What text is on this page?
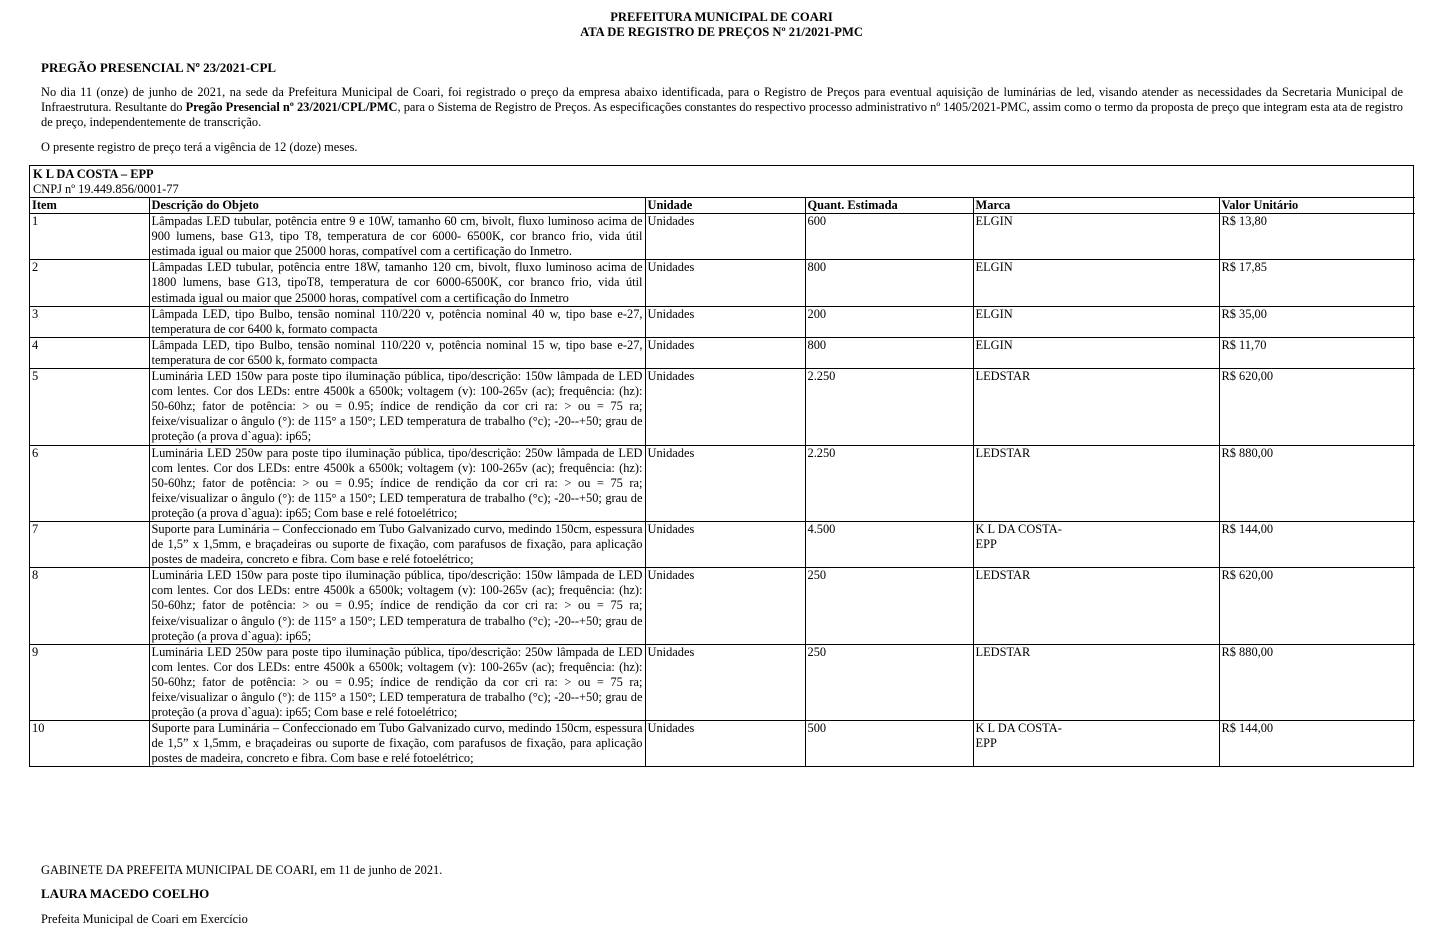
PREFEITURA MUNICIPAL DE COARI
ATA DE REGISTRO DE PREÇOS Nº 21/2021-PMC
PREGÃO PRESENCIAL Nº 23/2021-CPL

No dia 11 (onze) de junho de 2021, na sede da Prefeitura Municipal de Coari, foi registrado o preço da empresa abaixo identificada, para o Registro de Preços para eventual aquisição de luminárias de led, visando atender as necessidades da Secretaria Municipal de Infraestrutura. Resultante do Pregão Presencial nº 23/2021/CPL/PMC, para o Sistema de Registro de Preços. As especificações constantes do respectivo processo administrativo nº 1405/2021-PMC, assim como o termo da proposta de preço que integram esta ata de registro de preço, independentemente de transcrição.

O presente registro de preço terá a vigência de 12 (doze) meses.

K L DA COSTA – EPP
CNPJ nº 19.449.856/0001-77
Item	Descrição do Objeto	Unidade	Quant. Estimada	Marca	Valor Unitário
1	Lâmpadas LED tubular, potência entre 9 e 10W, tamanho 60 cm, bivolt, fluxo luminoso acima de 900 lumens, base G13, tipo T8, temperatura de cor 6000- 6500K, cor branco frio, vida útil estimada igual ou maior que 25000 horas, compatível com a certificação do Inmetro.	Unidades	600	ELGIN	R$ 13,80
2	Lâmpadas LED tubular, potência entre 18W, tamanho 120 cm, bivolt, fluxo luminoso acima de 1800 lumens, base G13, tipoT8, temperatura de cor 6000-6500K, cor branco frio, vida útil estimada igual ou maior que 25000 horas, compatível com a certificação do Inmetro	Unidades	800	ELGIN	R$ 17,85
3	Lâmpada LED, tipo Bulbo, tensão nominal 110/220 v, potência nominal 40 w, tipo base e-27, temperatura de cor 6400 k, formato compacta	Unidades	200	ELGIN	R$ 35,00
4	Lâmpada LED, tipo Bulbo, tensão nominal 110/220 v, potência nominal 15 w, tipo base e-27, temperatura de cor 6500 k, formato compacta	Unidades	800	ELGIN	R$ 11,70
5	Luminária LED 150w para poste tipo iluminação pública, tipo/descrição: 150w lâmpada de LED com lentes. Cor dos LEDs: entre 4500k a 6500k; voltagem (v): 100-265v (ac); frequência: (hz): 50-60hz; fator de potência: > ou = 0.95; índice de rendição da cor cri ra: > ou = 75 ra; feixe/visualizar o ângulo (°): de 115° a 150°; LED temperatura de trabalho (°c); -20--+50; grau de proteção (a prova d`agua): ip65;	Unidades	2.250	LEDSTAR	R$ 620,00
6	Luminária LED 250w para poste tipo iluminação pública, tipo/descrição: 250w lâmpada de LED com lentes. Cor dos LEDs: entre 4500k a 6500k; voltagem (v): 100-265v (ac); frequência: (hz): 50-60hz; fator de potência: > ou = 0.95; índice de rendição da cor cri ra: > ou = 75 ra; feixe/visualizar o ângulo (°): de 115° a 150°; LED temperatura de trabalho (°c); -20--+50; grau de proteção (a prova d`agua): ip65; Com base e relé fotoelétrico;	Unidades	2.250	LEDSTAR	R$ 880,00
7	Suporte para Luminária – Confeccionado em Tubo Galvanizado curvo, medindo 150cm, espessura de 1,5” x 1,5mm, e braçadeiras ou suporte de fixação, com parafusos de fixação, para aplicação postes de madeira, concreto e fibra. Com base e relé fotoelétrico;	Unidades	4.500	K L DA COSTA-EPP	R$ 144,00
8	Luminária LED 150w para poste tipo iluminação pública, tipo/descrição: 150w lâmpada de LED com lentes. Cor dos LEDs: entre 4500k a 6500k; voltagem (v): 100-265v (ac); frequência: (hz): 50-60hz; fator de potência: > ou = 0.95; índice de rendição da cor cri ra: > ou = 75 ra; feixe/visualizar o ângulo (°): de 115° a 150°; LED temperatura de trabalho (°c); -20--+50; grau de proteção (a prova d`agua): ip65;	Unidades	250	LEDSTAR	R$ 620,00
9	Luminária LED 250w para poste tipo iluminação pública, tipo/descrição: 250w lâmpada de LED com lentes. Cor dos LEDs: entre 4500k a 6500k; voltagem (v): 100-265v (ac); frequência: (hz): 50-60hz; fator de potência: > ou = 0.95; índice de rendição da cor cri ra: > ou = 75 ra; feixe/visualizar o ângulo (°): de 115° a 150°; LED temperatura de trabalho (°c); -20--+50; grau de proteção (a prova d`agua): ip65; Com base e relé fotoelétrico;	Unidades	250	LEDSTAR	R$ 880,00
10	Suporte para Luminária – Confeccionado em Tubo Galvanizado curvo, medindo 150cm, espessura de 1,5” x 1,5mm, e braçadeiras ou suporte de fixação, com parafusos de fixação, para aplicação postes de madeira, concreto e fibra. Com base e relé fotoelétrico;	Unidades	500	K L DA COSTA-EPP	R$ 144,00

GABINETE DA PREFEITA MUNICIPAL DE COARI, em 11 de junho de 2021.

LAURA MACEDO COELHO

Prefeita Municipal de Coari em Exercício
